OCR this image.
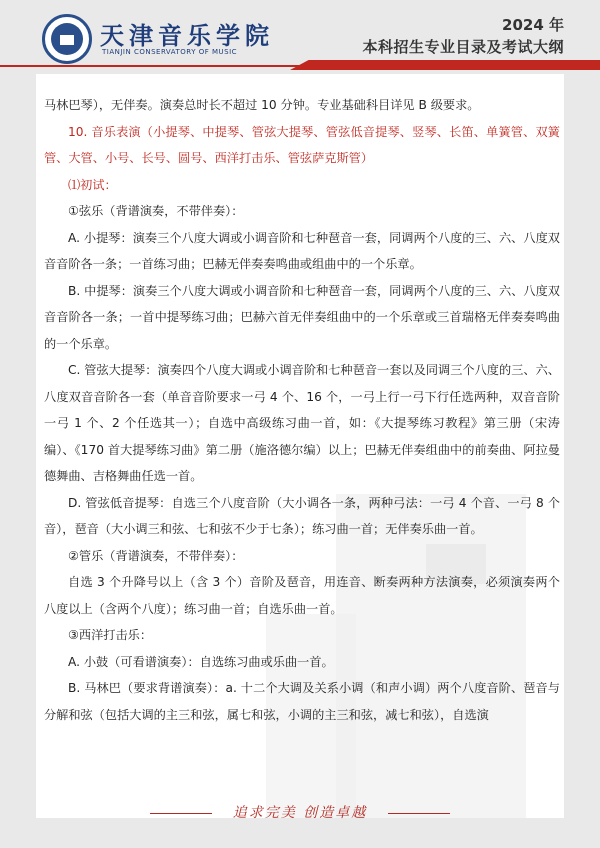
天津音乐学院
TIANJIN CONSERVATORY OF MUSIC
2024 年
本科招生专业目录及考试大纲

马林巴琴），无伴奏。演奏总时长不超过 10 分钟。专业基础科目详见 B 级要求。

10. 音乐表演（小提琴、中提琴、管弦大提琴、管弦低音提琴、竖琴、长笛、单簧管、双簧管、大管、小号、长号、圆号、西洋打击乐、管弦萨克斯管）

⑴初试：

①弦乐（背谱演奏，不带伴奏）：

A. 小提琴：演奏三个八度大调或小调音阶和七种琶音一套，同调两个八度的三、六、八度双音音阶各一条；一首练习曲；巴赫无伴奏奏鸣曲或组曲中的一个乐章。

B. 中提琴：演奏三个八度大调或小调音阶和七种琶音一套，同调两个八度的三、六、八度双音音阶各一条；一首中提琴练习曲；巴赫六首无伴奏组曲中的一个乐章或三首瑞格无伴奏奏鸣曲的一个乐章。

C. 管弦大提琴：演奏四个八度大调或小调音阶和七种琶音一套以及同调三个八度的三、六、八度双音音阶各一套（单音音阶要求一弓 4 个、16 个，一弓上行一弓下行任选两种，双音音阶一弓 1 个、2 个任选其一）；自选中高级练习曲一首，如：《大提琴练习教程》第三册（宋涛编）、《170 首大提琴练习曲》第二册（施洛德尔编）以上；巴赫无伴奏组曲中的前奏曲、阿拉曼德舞曲、吉格舞曲任选一首。

D. 管弦低音提琴：自选三个八度音阶（大小调各一条，两种弓法：一弓 4 个音、一弓 8 个音），琶音（大小调三和弦、七和弦不少于七条）；练习曲一首；无伴奏乐曲一首。

②管乐（背谱演奏，不带伴奏）：

自选 3 个升降号以上（含 3 个）音阶及琶音，用连音、断奏两种方法演奏，必须演奏两个八度以上（含两个八度）；练习曲一首；自选乐曲一首。

③西洋打击乐：

A. 小鼓（可看谱演奏）：自选练习曲或乐曲一首。

B. 马林巴（要求背谱演奏）：a. 十二个大调及关系小调（和声小调）两个八度音阶、琶音与分解和弦（包括大调的主三和弦，属七和弦，小调的主三和弦，减七和弦），自选演

追求完美 创造卓越
